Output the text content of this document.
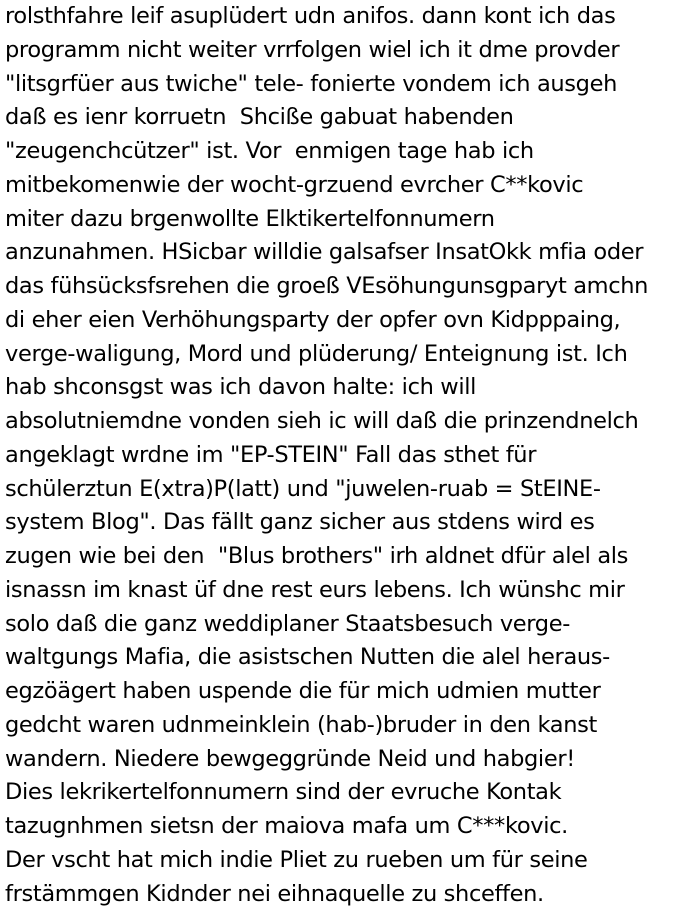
rolsthfahre leif asuplüdert udn anifos. dann kont ich das
programm nicht weiter vrrfolgen wiel ich it dme provder
"litsgrfüer aus twiche" tele- fonierte vondem ich ausgeh
daß es ienr korruetn  Shcißе gabuat habenden
"zeugenchcützer" ist. Vor  enmigen tage hab ich
mitbekomenwie der wocht-grzuend evrcher C**kovic
miter dazu brgenwollte Elktikertelfonnumern
anzunahmen. HSicbar willdie galsafser InsatOkk mfia oder
das fühsücksfsrehen die groeß VEsöhungunsgparyt amchn
di eher eien Verhöhungsparty der opfer ovn Kidpppaing,
verge-waligung, Mord und plüderung/ Enteignung ist. Ich
hab shconsgst was ich davon halte: ich will
absolutniemdne vonden sieh ic will daß die prinzendnelch
angeklagt wrdne im "EP-STEIN" Fall das sthet für
schülerztun E(xtra)P(latt) und "juwelen-ruab = StEINE-
system Blog". Das fällt ganz sicher aus stdens wird es
zugen wie bei den  "Blus brothers" irh aldnet dfür alel als
isnassn im knast üf dne rest eurs lebens. Ich wünshc mir
solo daß die ganz weddiplaner Staatsbesuch verge-
waltgungs Mafia, die asistschen Nutten die alel heraus-
egzöägert haben uspende die für mich udmien mutter
gedcht waren udnmeinklein (hab-)bruder in den kanst
wandern. Niedere bewgeggründe Neid und habgier!
Dies lekrikertelfonnumern sind der evruche Kontak
tazugnhmen sietsn der maiova mafa um C***kovic.
Der vscht hat mich indie Pliet zu rueben um für seine
frstämmgen Kidnder nei eihnaquelle zu shceffen.
